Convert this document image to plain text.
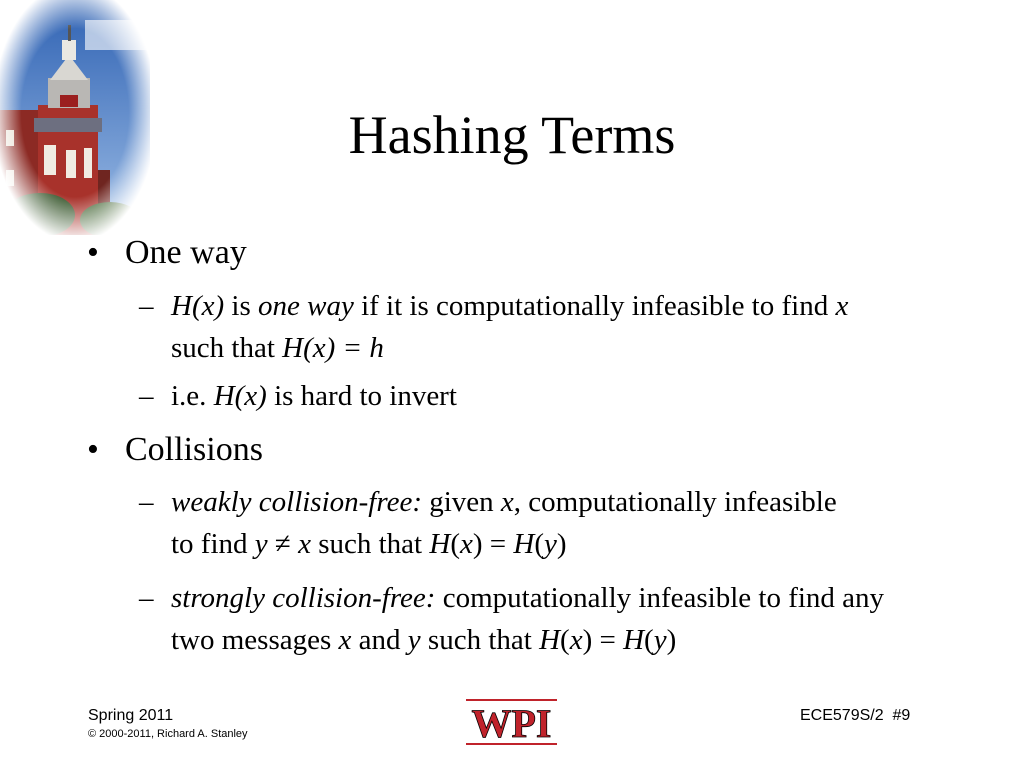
Hashing Terms
• One way
– H(x) is one way if it is computationally infeasible to find x such that H(x) = h
– i.e. H(x) is hard to invert
• Collisions
– weakly collision-free: given x, computationally infeasible to find y ≠ x such that H(x) = H(y)
– strongly collision-free: computationally infeasible to find any two messages x and y such that H(x) = H(y)
Spring 2011
© 2000-2011, Richard A. Stanley	WPI	ECE579S/2  #9
